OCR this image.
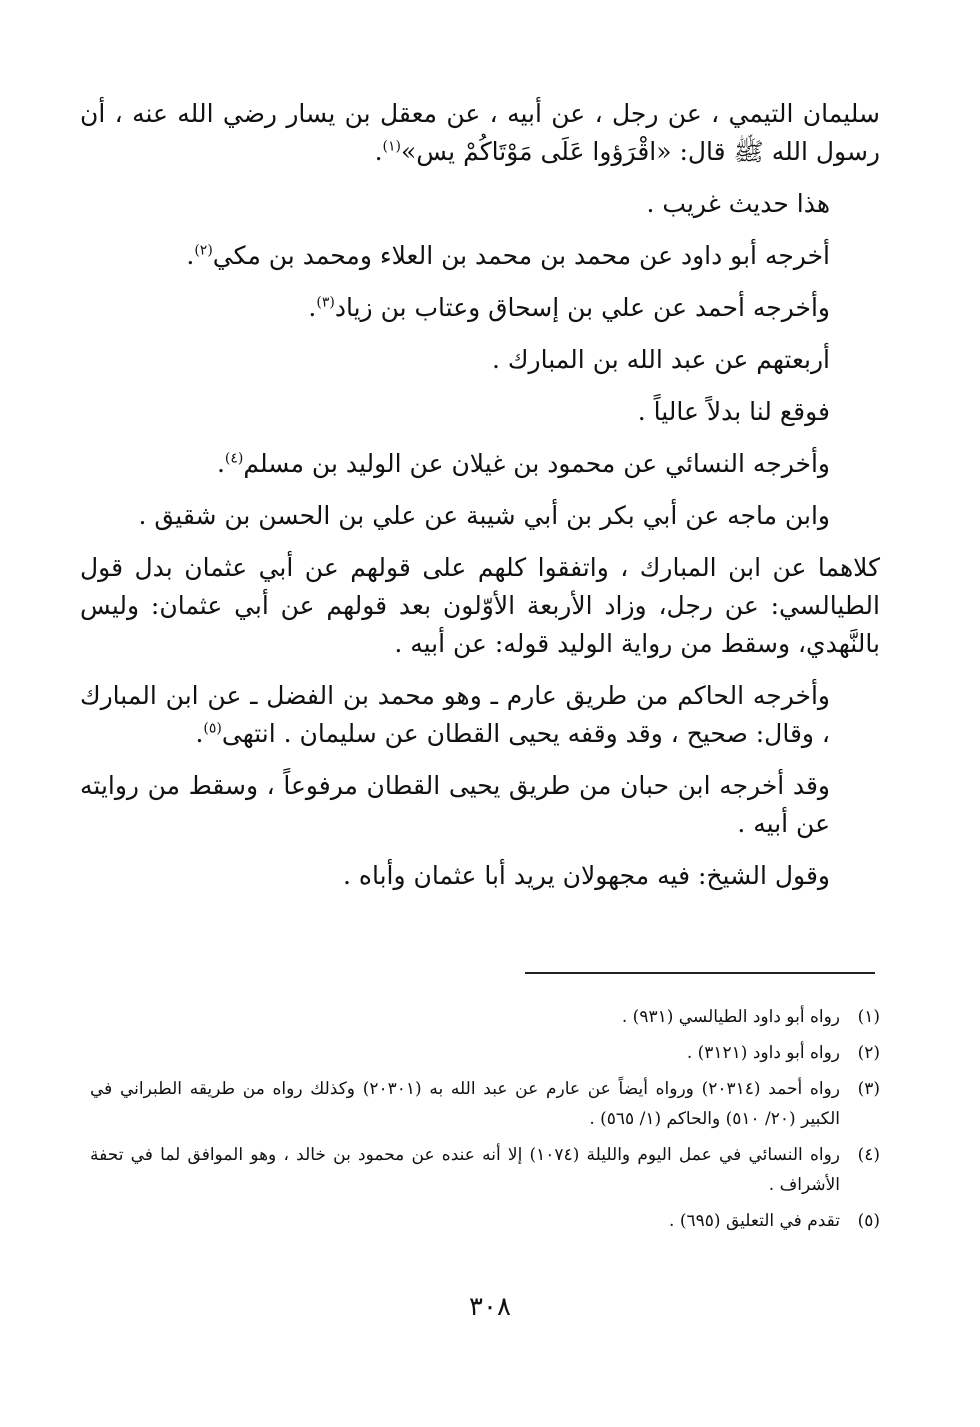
سليمان التيمي ، عن رجل ، عن أبيه ، عن معقل بن يسار رضي الله عنه ، أن رسول الله ﷺ قال: «اقْرَؤوا عَلَى مَوْتَاكُمْ يس»$^{(١)}$.

هذا حديث غريب .

أخرجه أبو داود عن محمد بن محمد بن العلاء ومحمد بن مكي$^{(٢)}$.

وأخرجه أحمد عن علي بن إسحاق وعتاب بن زياد$^{(٣)}$.

أربعتهم عن عبد الله بن المبارك .

فوقع لنا بدلاً عالياً .

وأخرجه النسائي عن محمود بن غيلان عن الوليد بن مسلم$^{(٤)}$.

وابن ماجه عن أبي بكر بن أبي شيبة عن علي بن الحسن بن شقيق .

كلاهما عن ابن المبارك ، واتفقوا كلهم على قولهم عن أبي عثمان بدل قول الطيالسي: عن رجل، وزاد الأربعة الأوّلون بعد قولهم عن أبي عثمان: وليس بالنَّهدي، وسقط من رواية الوليد قوله: عن أبيه .

وأخرجه الحاكم من طريق عارم ـ وهو محمد بن الفضل ـ عن ابن المبارك ، وقال: صحيح ، وقد وقفه يحيى القطان عن سليمان . انتهى$^{(٥)}$.

وقد أخرجه ابن حبان من طريق يحيى القطان مرفوعاً ، وسقط من روايته عن أبيه .

وقول الشيخ: فيه مجهولان يريد أبا عثمان وأباه .

(١)
رواه أبو داود الطيالسي (٩٣١) .
(٢)
رواه أبو داود (٣١٢١) .
(٣)
رواه أحمد (٢٠٣١٤) ورواه أيضاً عن عارم عن عبد الله به (٢٠٣٠١) وكذلك رواه من طريقه الطبراني في الكبير (٢٠/ ٥١٠) والحاكم (١/ ٥٦٥) .
(٤)
رواه النسائي في عمل اليوم والليلة (١٠٧٤) إلا أنه عنده عن محمود بن خالد ، وهو الموافق لما في تحفة الأشراف .
(٥)
تقدم في التعليق (٦٩٥) .
٣٠٨
